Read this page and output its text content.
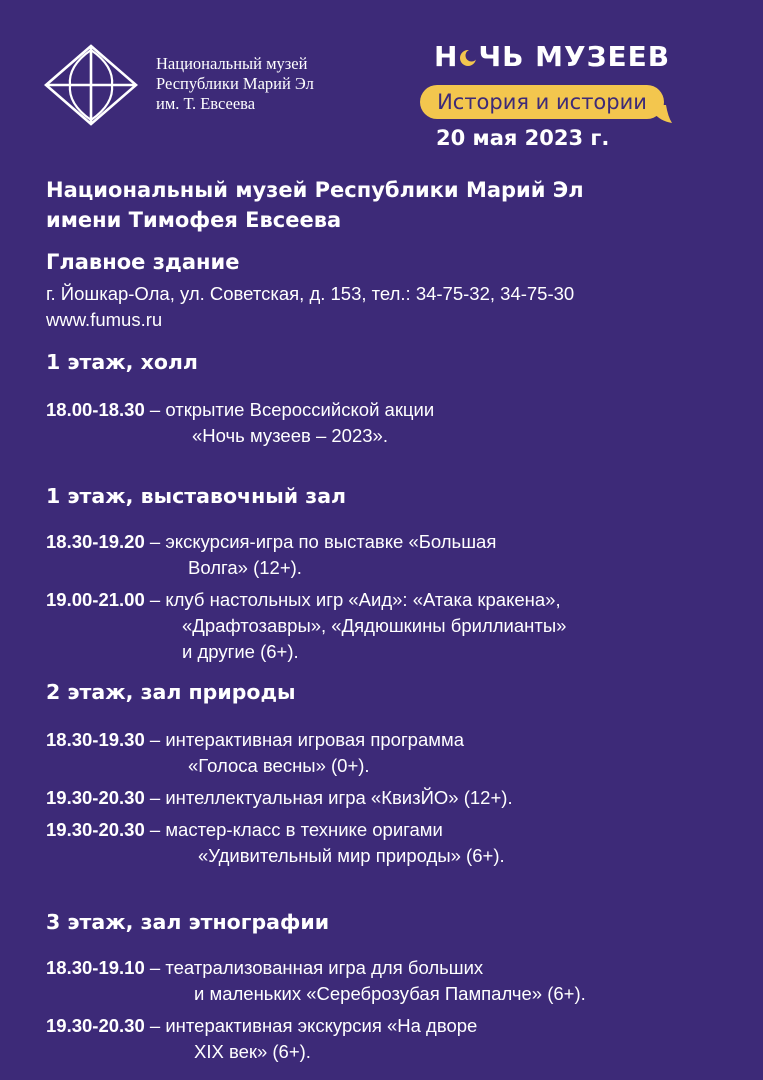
Национальный музей
Республики Марий Эл
им. Т. Евсеева
Н ЧЬ МУЗЕЕВ
История и истории
20 мая 2023 г.
Национальный музей Республики Марий Эл
имени Тимофея Евсеева
Главное здание
г. Йошкар-Ола, ул. Советская, д. 153, тел.: 34-75-32, 34-75-30
www.fumus.ru
1 этаж, холл
18.00-18.30 – открытие Всероссийской акции
«Ночь музеев – 2023».
1 этаж, выставочный зал
18.30-19.20 – экскурсия-игра по выставке «Большая
Волга» (12+).
19.00-21.00 – клуб настольных игр «Аид»: «Атака кракена»,
«Драфтозавры», «Дядюшкины бриллианты»
и другие (6+).
2 этаж, зал природы
18.30-19.30 – интерактивная игровая программа
«Голоса весны» (0+).
19.30-20.30 – интеллектуальная игра «КвизЙО» (12+).
19.30-20.30 – мастер-класс в технике оригами
«Удивительный мир природы» (6+).
3 этаж, зал этнографии
18.30-19.10 – театрализованная игра для больших
и маленьких «Сереброзубая Пампалче» (6+).
19.30-20.30 – интерактивная экскурсия «На дворе
XIX век» (6+).
